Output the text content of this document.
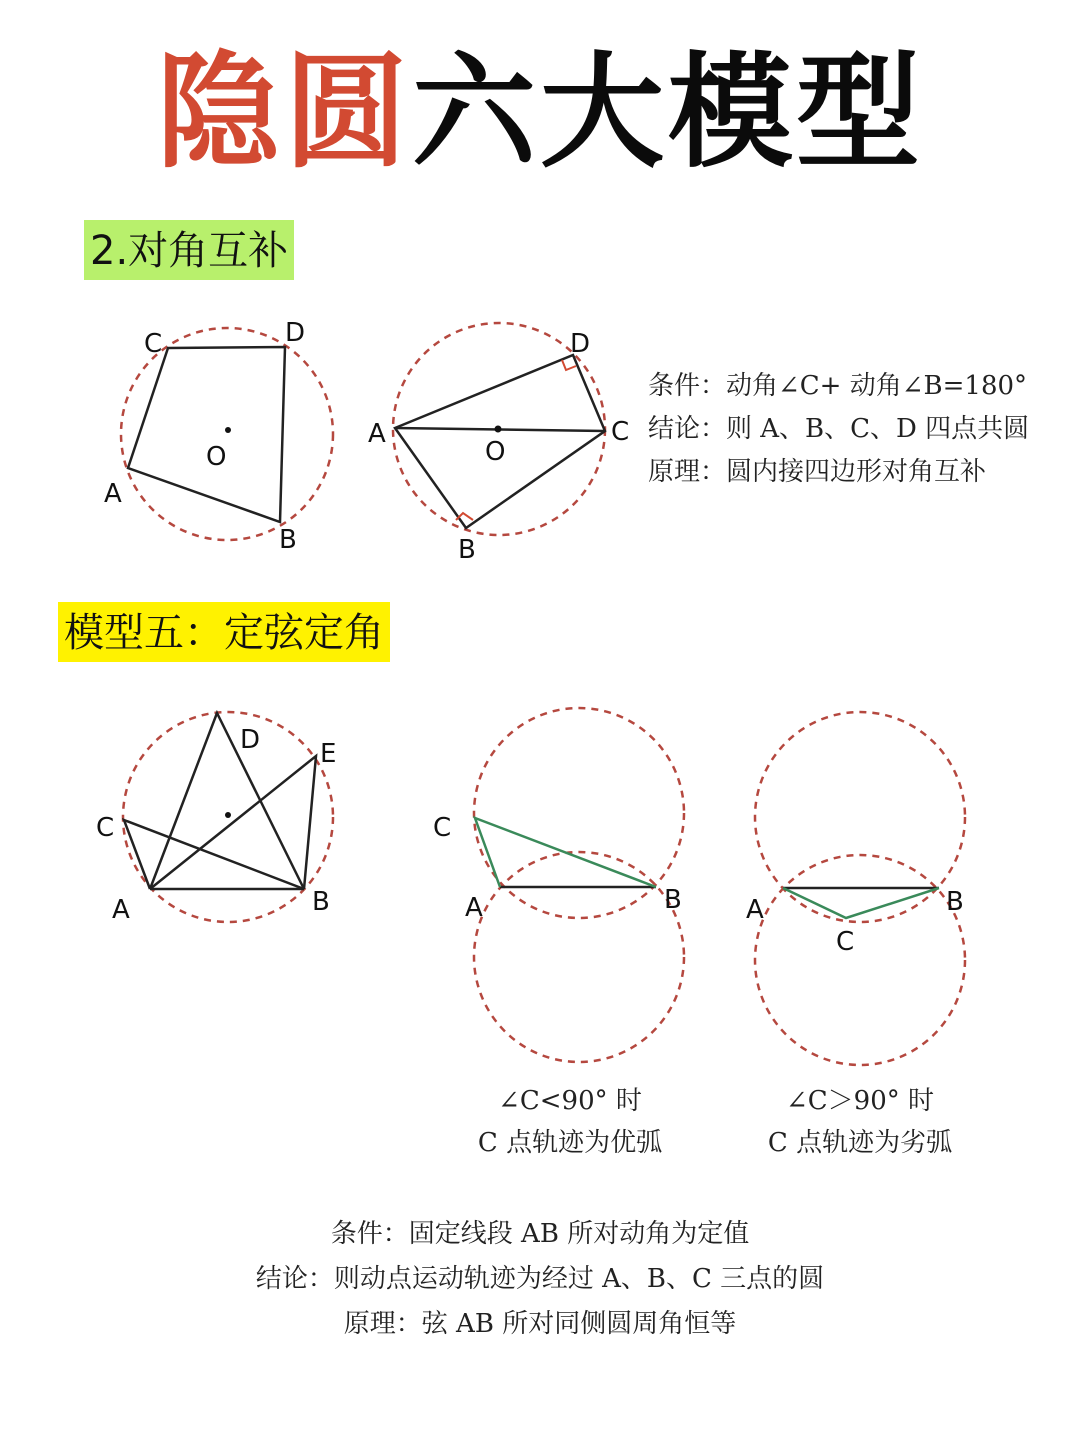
隐圆六大模型
2.对角互补
C	D
A
B
O
A
B
C
D
O
C
D E
A	B
C
A	B A	B
C
条件：动角∠C+ 动角∠B=180°
结论：则 A、B、C、D 四点共圆
原理：圆内接四边形对角互补
模型五：定弦定角
∠C<90° 时
C 点轨迹为优弧
∠C＞90° 时
C 点轨迹为劣弧
条件：固定线段 AB 所对动角为定值
结论：则动点运动轨迹为经过 A、B、C 三点的圆
原理：弦 AB 所对同侧圆周角恒等
